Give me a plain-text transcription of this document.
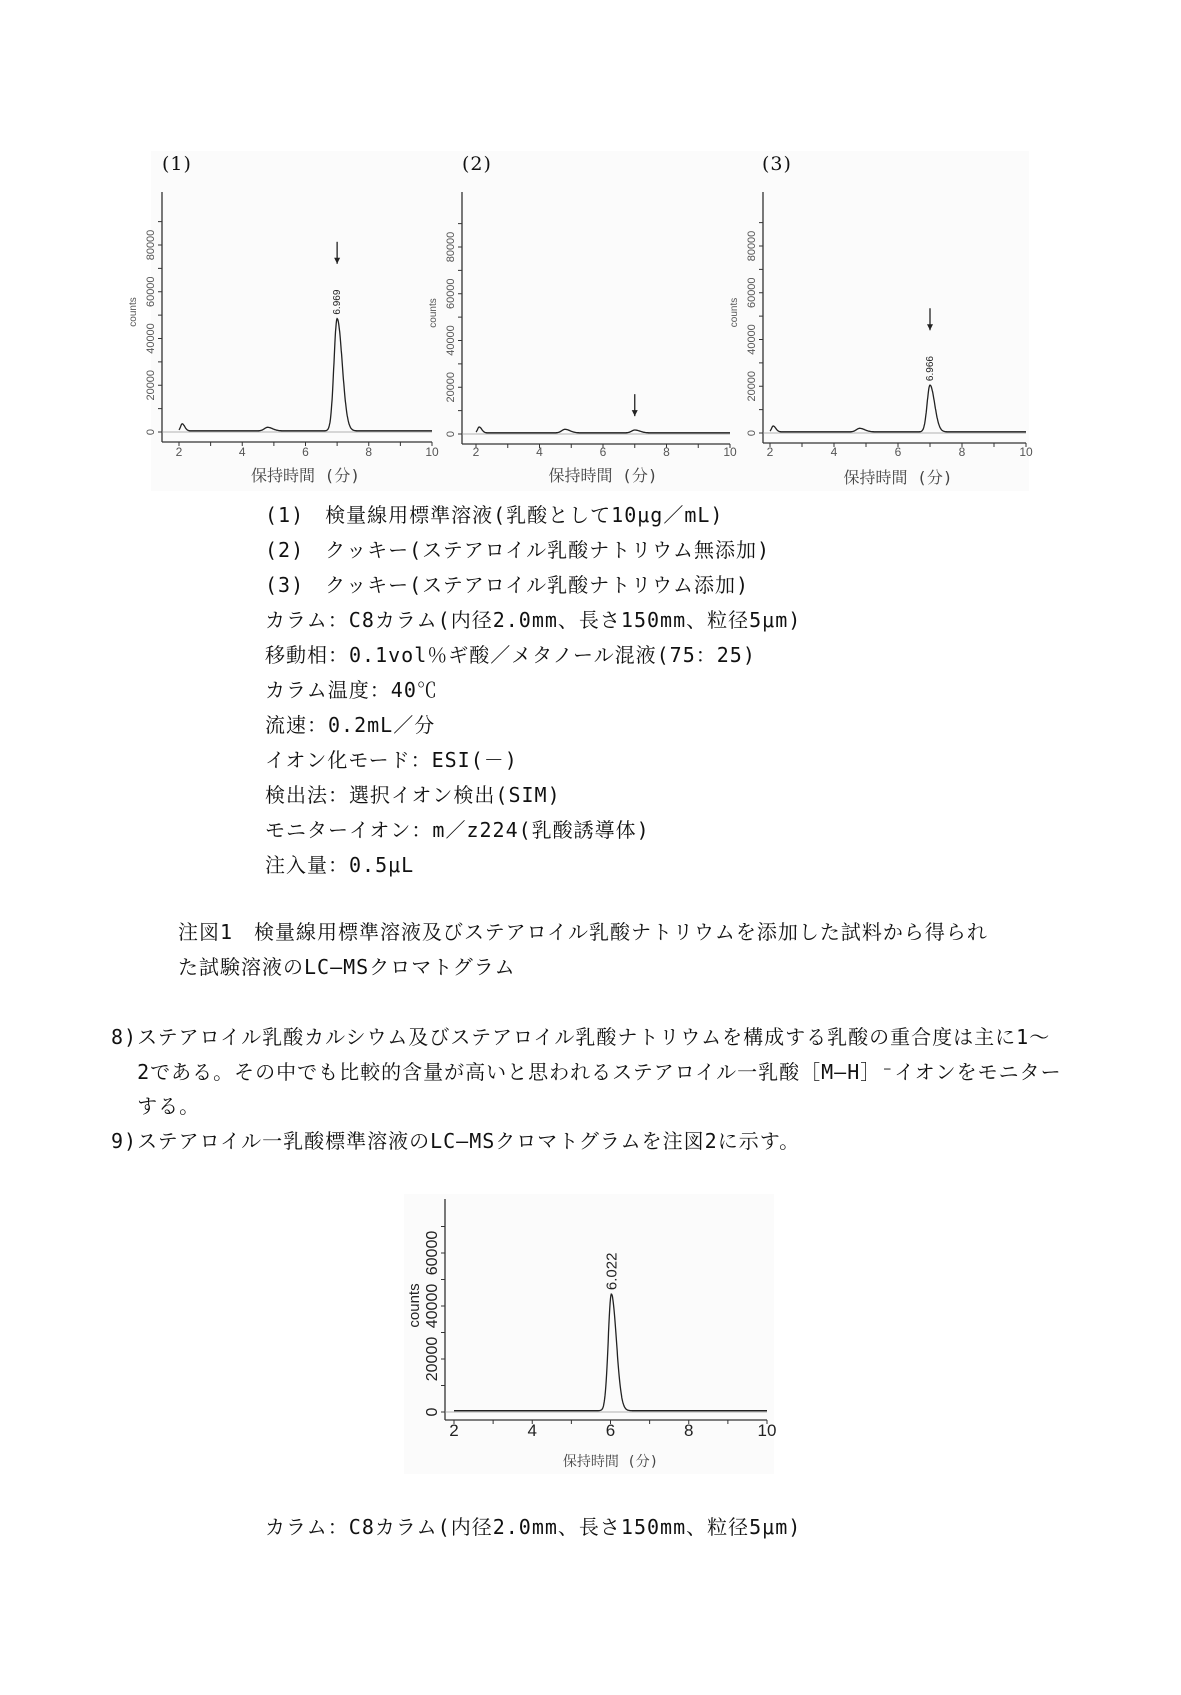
0
20000
40000
60000
80000
2	4	6	8	10
counts
保持時間 (分)
6.969
0
20000
40000
60000
80000
2	4	6	8	10
counts
保持時間 (分)
0
20000
40000
60000
80000
2	4	6	8	10
counts
保持時間 (分)
6.966
0
20000
40000
60000
2	4	6	8	10
counts
保持時間 (分)
6.022
(1)	(2)	(3)
(1)　検量線用標準溶液(乳酸として10μg／mL)
(2)　クッキー(ステアロイル乳酸ナトリウム無添加)
(3)　クッキー(ステアロイル乳酸ナトリウム添加)
カラム：C8カラム(内径2.0mm、長さ150mm、粒径5μm)
移動相：0.1vol％ギ酸／メタノール混液(75：25)
カラム温度：40℃
流速：0.2mL／分
イオン化モード：ESI(－)
検出法：選択イオン検出(SIM)
モニターイオン：m／z224(乳酸誘導体)
注入量：0.5μL
注図1　検量線用標準溶液及びステアロイル乳酸ナトリウムを添加した試料から得られ
た試験溶液のLC―MSクロマトグラム
8)ステアロイル乳酸カルシウム及びステアロイル乳酸ナトリウムを構成する乳酸の重合度は主に1～
2である。その中でも比較的含量が高いと思われるステアロイル一乳酸［M―H］⁻イオンをモニター
する。
9)ステアロイル一乳酸標準溶液のLC―MSクロマトグラムを注図2に示す。
カラム：C8カラム(内径2.0mm、長さ150mm、粒径5μm)
